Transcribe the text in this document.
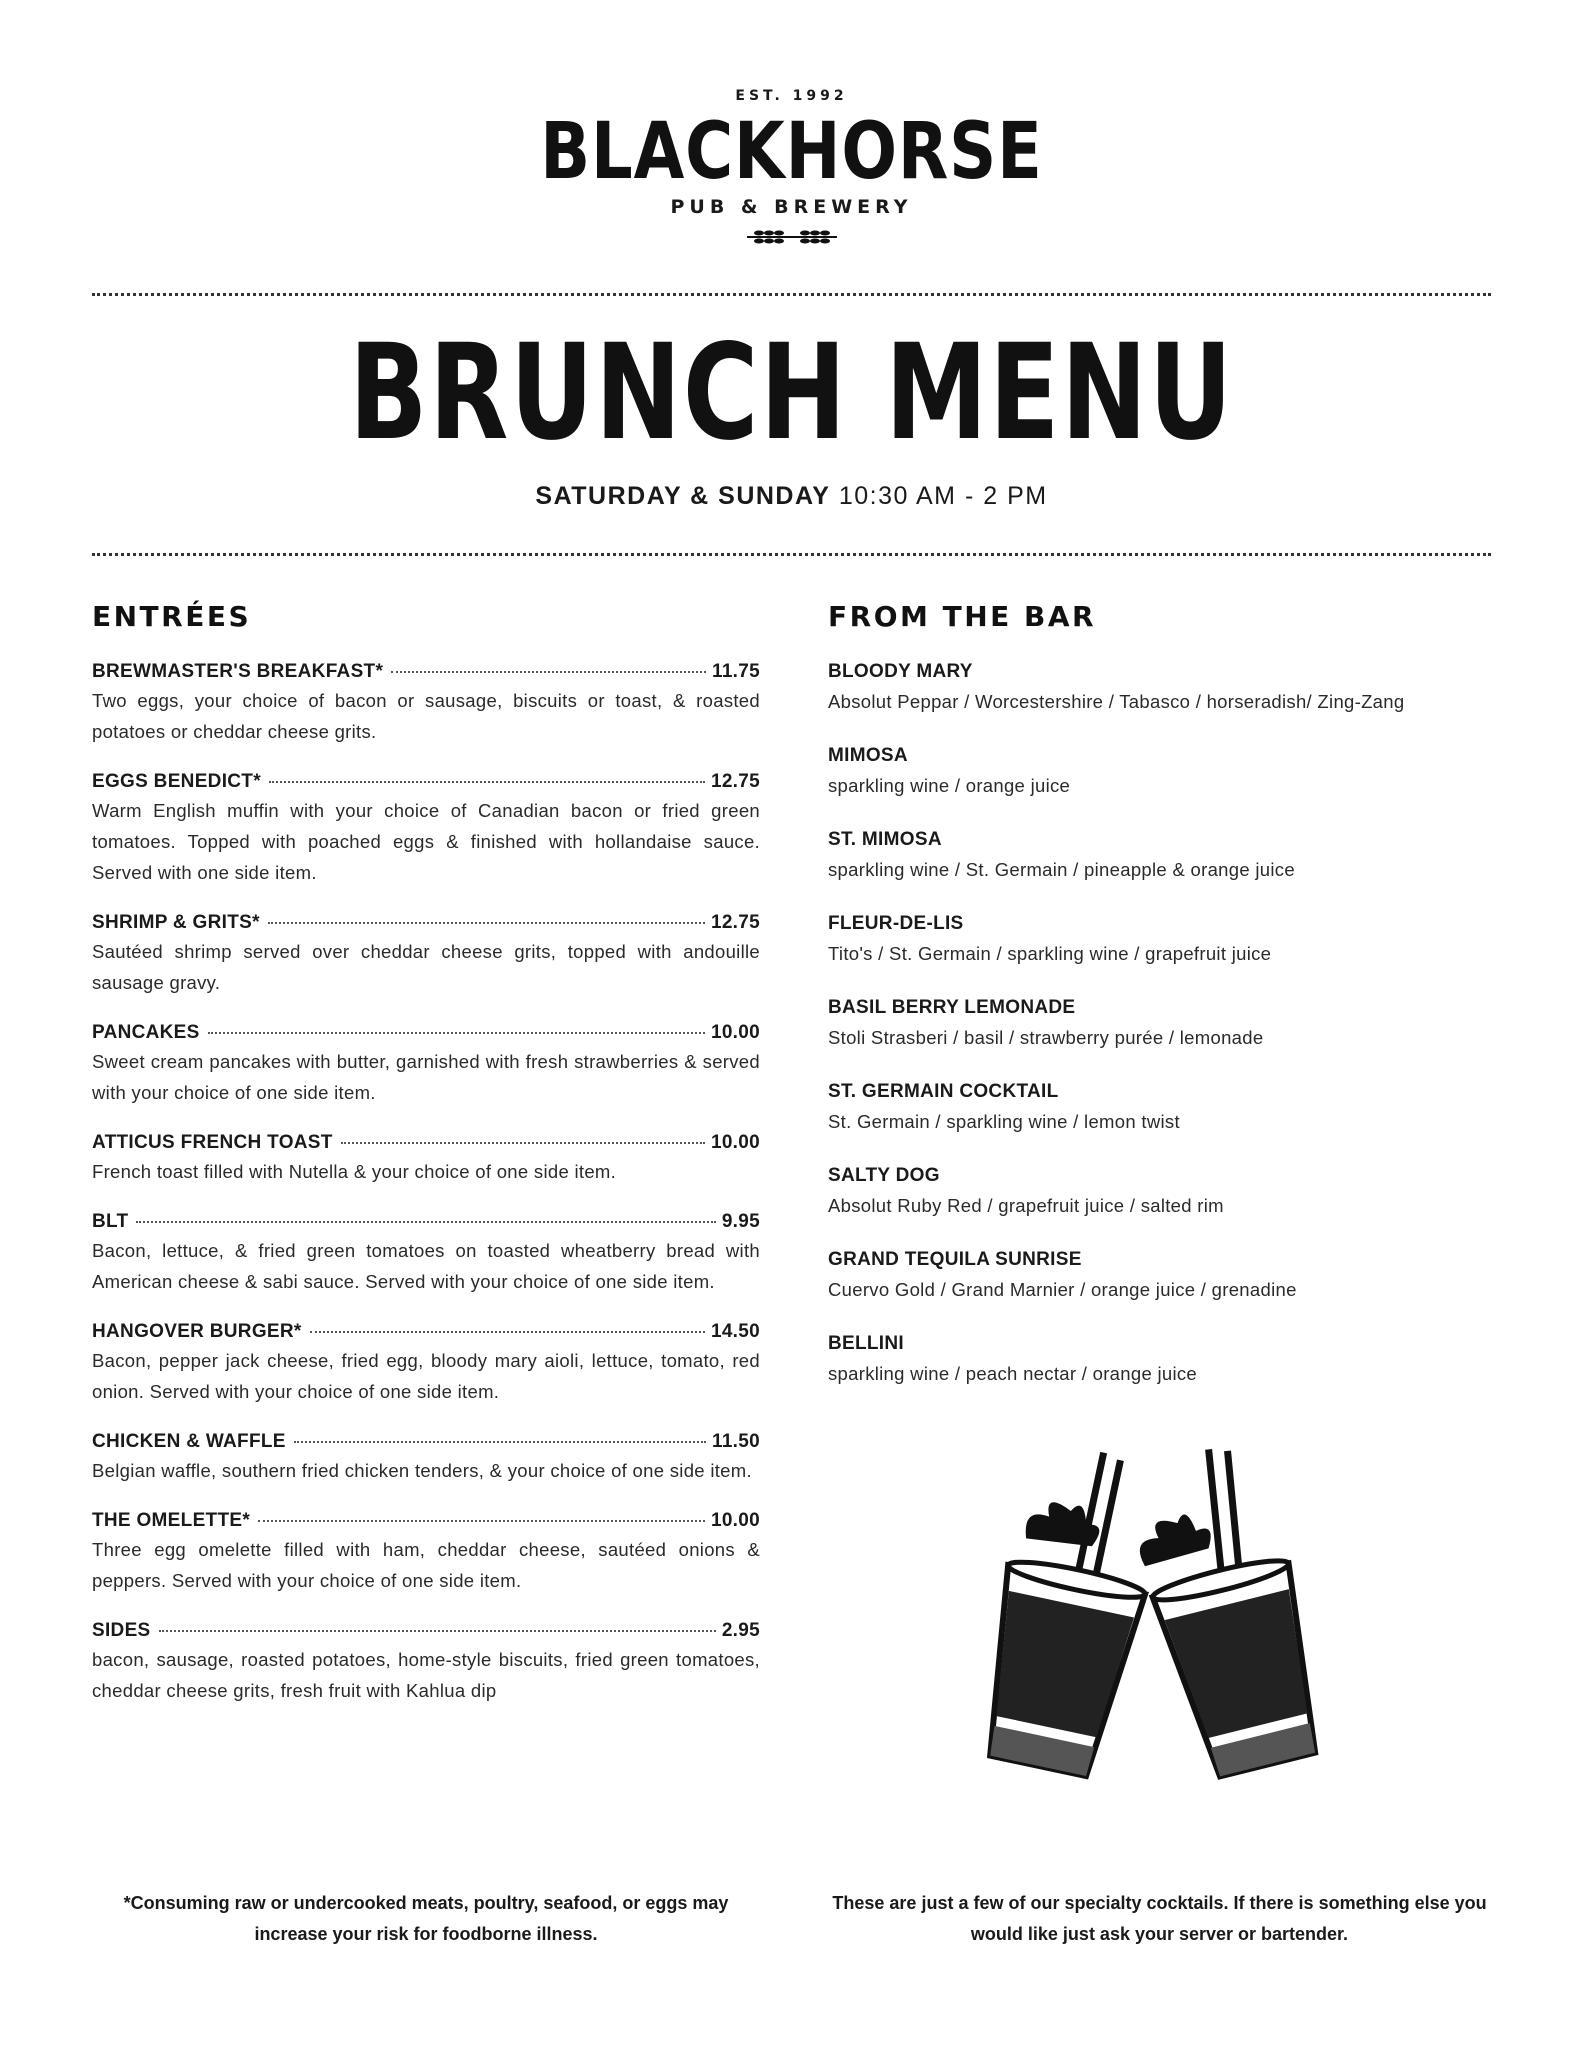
EST. 1992
BLACKHORSE
PUB & BREWERY
BRUNCH MENU
SATURDAY & SUNDAY 10:30 AM - 2 PM
ENTRÉES
BREWMASTER'S BREAKFAST*	11.75
Two eggs, your choice of bacon or sausage, biscuits or toast, & roasted potatoes or cheddar cheese grits.
EGGS BENEDICT*	12.75
Warm English muffin with your choice of Canadian bacon or fried green tomatoes. Topped with poached eggs & finished with hollandaise sauce. Served with one side item.
SHRIMP & GRITS*	12.75
Sautéed shrimp served over cheddar cheese grits, topped with andouille sausage gravy.
PANCAKES	10.00
Sweet cream pancakes with butter, garnished with fresh strawberries & served with your choice of one side item.
ATTICUS FRENCH TOAST	10.00
French toast filled with Nutella & your choice of one side item.
BLT	9.95
Bacon, lettuce, & fried green tomatoes on toasted wheatberry bread with American cheese & sabi sauce. Served with your choice of one side item.
HANGOVER BURGER*	14.50
Bacon, pepper jack cheese, fried egg, bloody mary aioli, lettuce, tomato, red onion. Served with your choice of one side item.
CHICKEN & WAFFLE	11.50
Belgian waffle, southern fried chicken tenders, & your choice of one side item.
THE OMELETTE*	10.00
Three egg omelette filled with ham, cheddar cheese, sautéed onions & peppers. Served with your choice of one side item.
SIDES	2.95
bacon, sausage, roasted potatoes, home-style biscuits, fried green tomatoes, cheddar cheese grits, fresh fruit with Kahlua dip
FROM THE BAR
BLOODY MARY
Absolut Peppar / Worcestershire / Tabasco / horseradish/ Zing-Zang
MIMOSA
sparkling wine / orange juice
ST. MIMOSA
sparkling wine / St. Germain / pineapple & orange juice
FLEUR-DE-LIS
Tito's / St. Germain / sparkling wine / grapefruit juice
BASIL BERRY LEMONADE
Stoli Strasberi / basil / strawberry purée / lemonade
ST. GERMAIN COCKTAIL
St. Germain / sparkling wine / lemon twist
SALTY DOG
Absolut Ruby Red / grapefruit juice / salted rim
GRAND TEQUILA SUNRISE
Cuervo Gold / Grand Marnier / orange juice / grenadine
BELLINI
sparkling wine / peach nectar / orange juice
*Consuming raw or undercooked meats, poultry, seafood, or eggs may increase your risk for foodborne illness.
These are just a few of our specialty cocktails. If there is something else you would like just ask your server or bartender.
